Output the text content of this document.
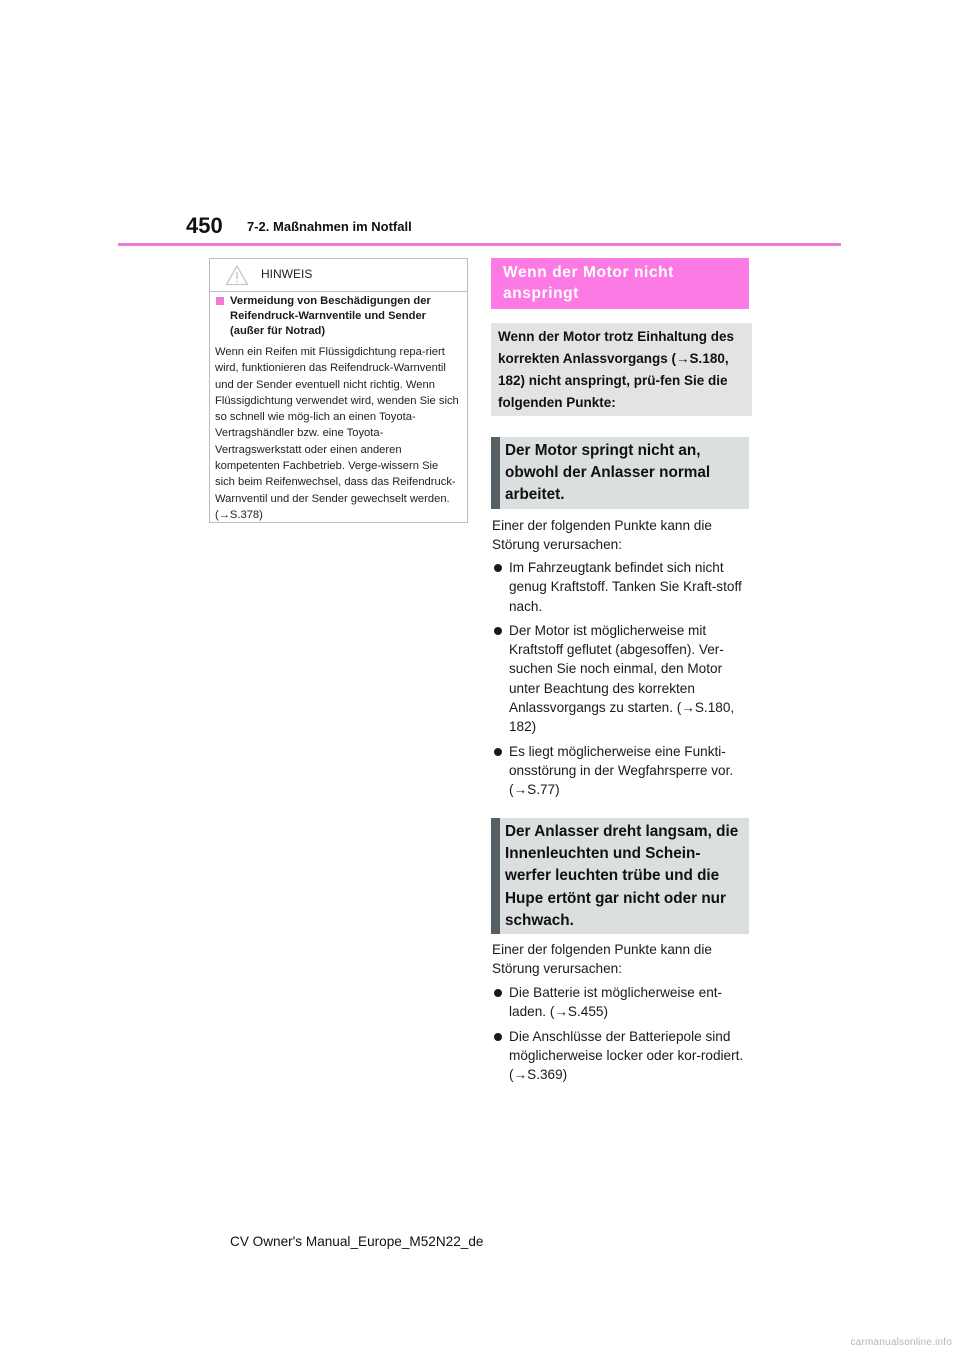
450 7-2. Maßnahmen im Notfall
HINWEIS
Vermeidung von Beschädigungen der Reifendruck-Warnventile und Sender (außer für Notrad)

Wenn ein Reifen mit Flüssigdichtung repa-riert wird, funktionieren das Reifendruck-Warnventil und der Sender eventuell nicht richtig. Wenn Flüssigdichtung verwendet wird, wenden Sie sich so schnell wie mög-lich an einen Toyota-Vertragshändler bzw. eine Toyota-Vertragswerkstatt oder einen anderen kompetenten Fachbetrieb. Verge-wissern Sie sich beim Reifenwechsel, dass das Reifendruck-Warnventil und der Sender gewechselt werden. (→S.378)

Wenn der Motor nicht anspringt
Wenn der Motor trotz Einhaltung des korrekten Anlassvorgangs (→S.180, 182) nicht anspringt, prü-fen Sie die folgenden Punkte:
Der Motor springt nicht an, obwohl der Anlasser normal arbeitet.
Einer der folgenden Punkte kann die Störung verursachen:
Im Fahrzeugtank befindet sich nicht genug Kraftstoff. Tanken Sie Kraft-stoff nach.
Der Motor ist möglicherweise mit Kraftstoff geflutet (abgesoffen). Ver-suchen Sie noch einmal, den Motor unter Beachtung des korrekten Anlassvorgangs zu starten. (→S.180, 182)
Es liegt möglicherweise eine Funkti-onsstörung in der Wegfahrsperre vor. (→S.77)
Der Anlasser dreht langsam, die Innenleuchten und Schein-werfer leuchten trübe und die Hupe ertönt gar nicht oder nur schwach.
Einer der folgenden Punkte kann die Störung verursachen:
Die Batterie ist möglicherweise ent-laden. (→S.455)
Die Anschlüsse der Batteriepole sind möglicherweise locker oder kor-rodiert. (→S.369)
CV Owner's Manual_Europe_M52N22_de
carmanualsonline.info
